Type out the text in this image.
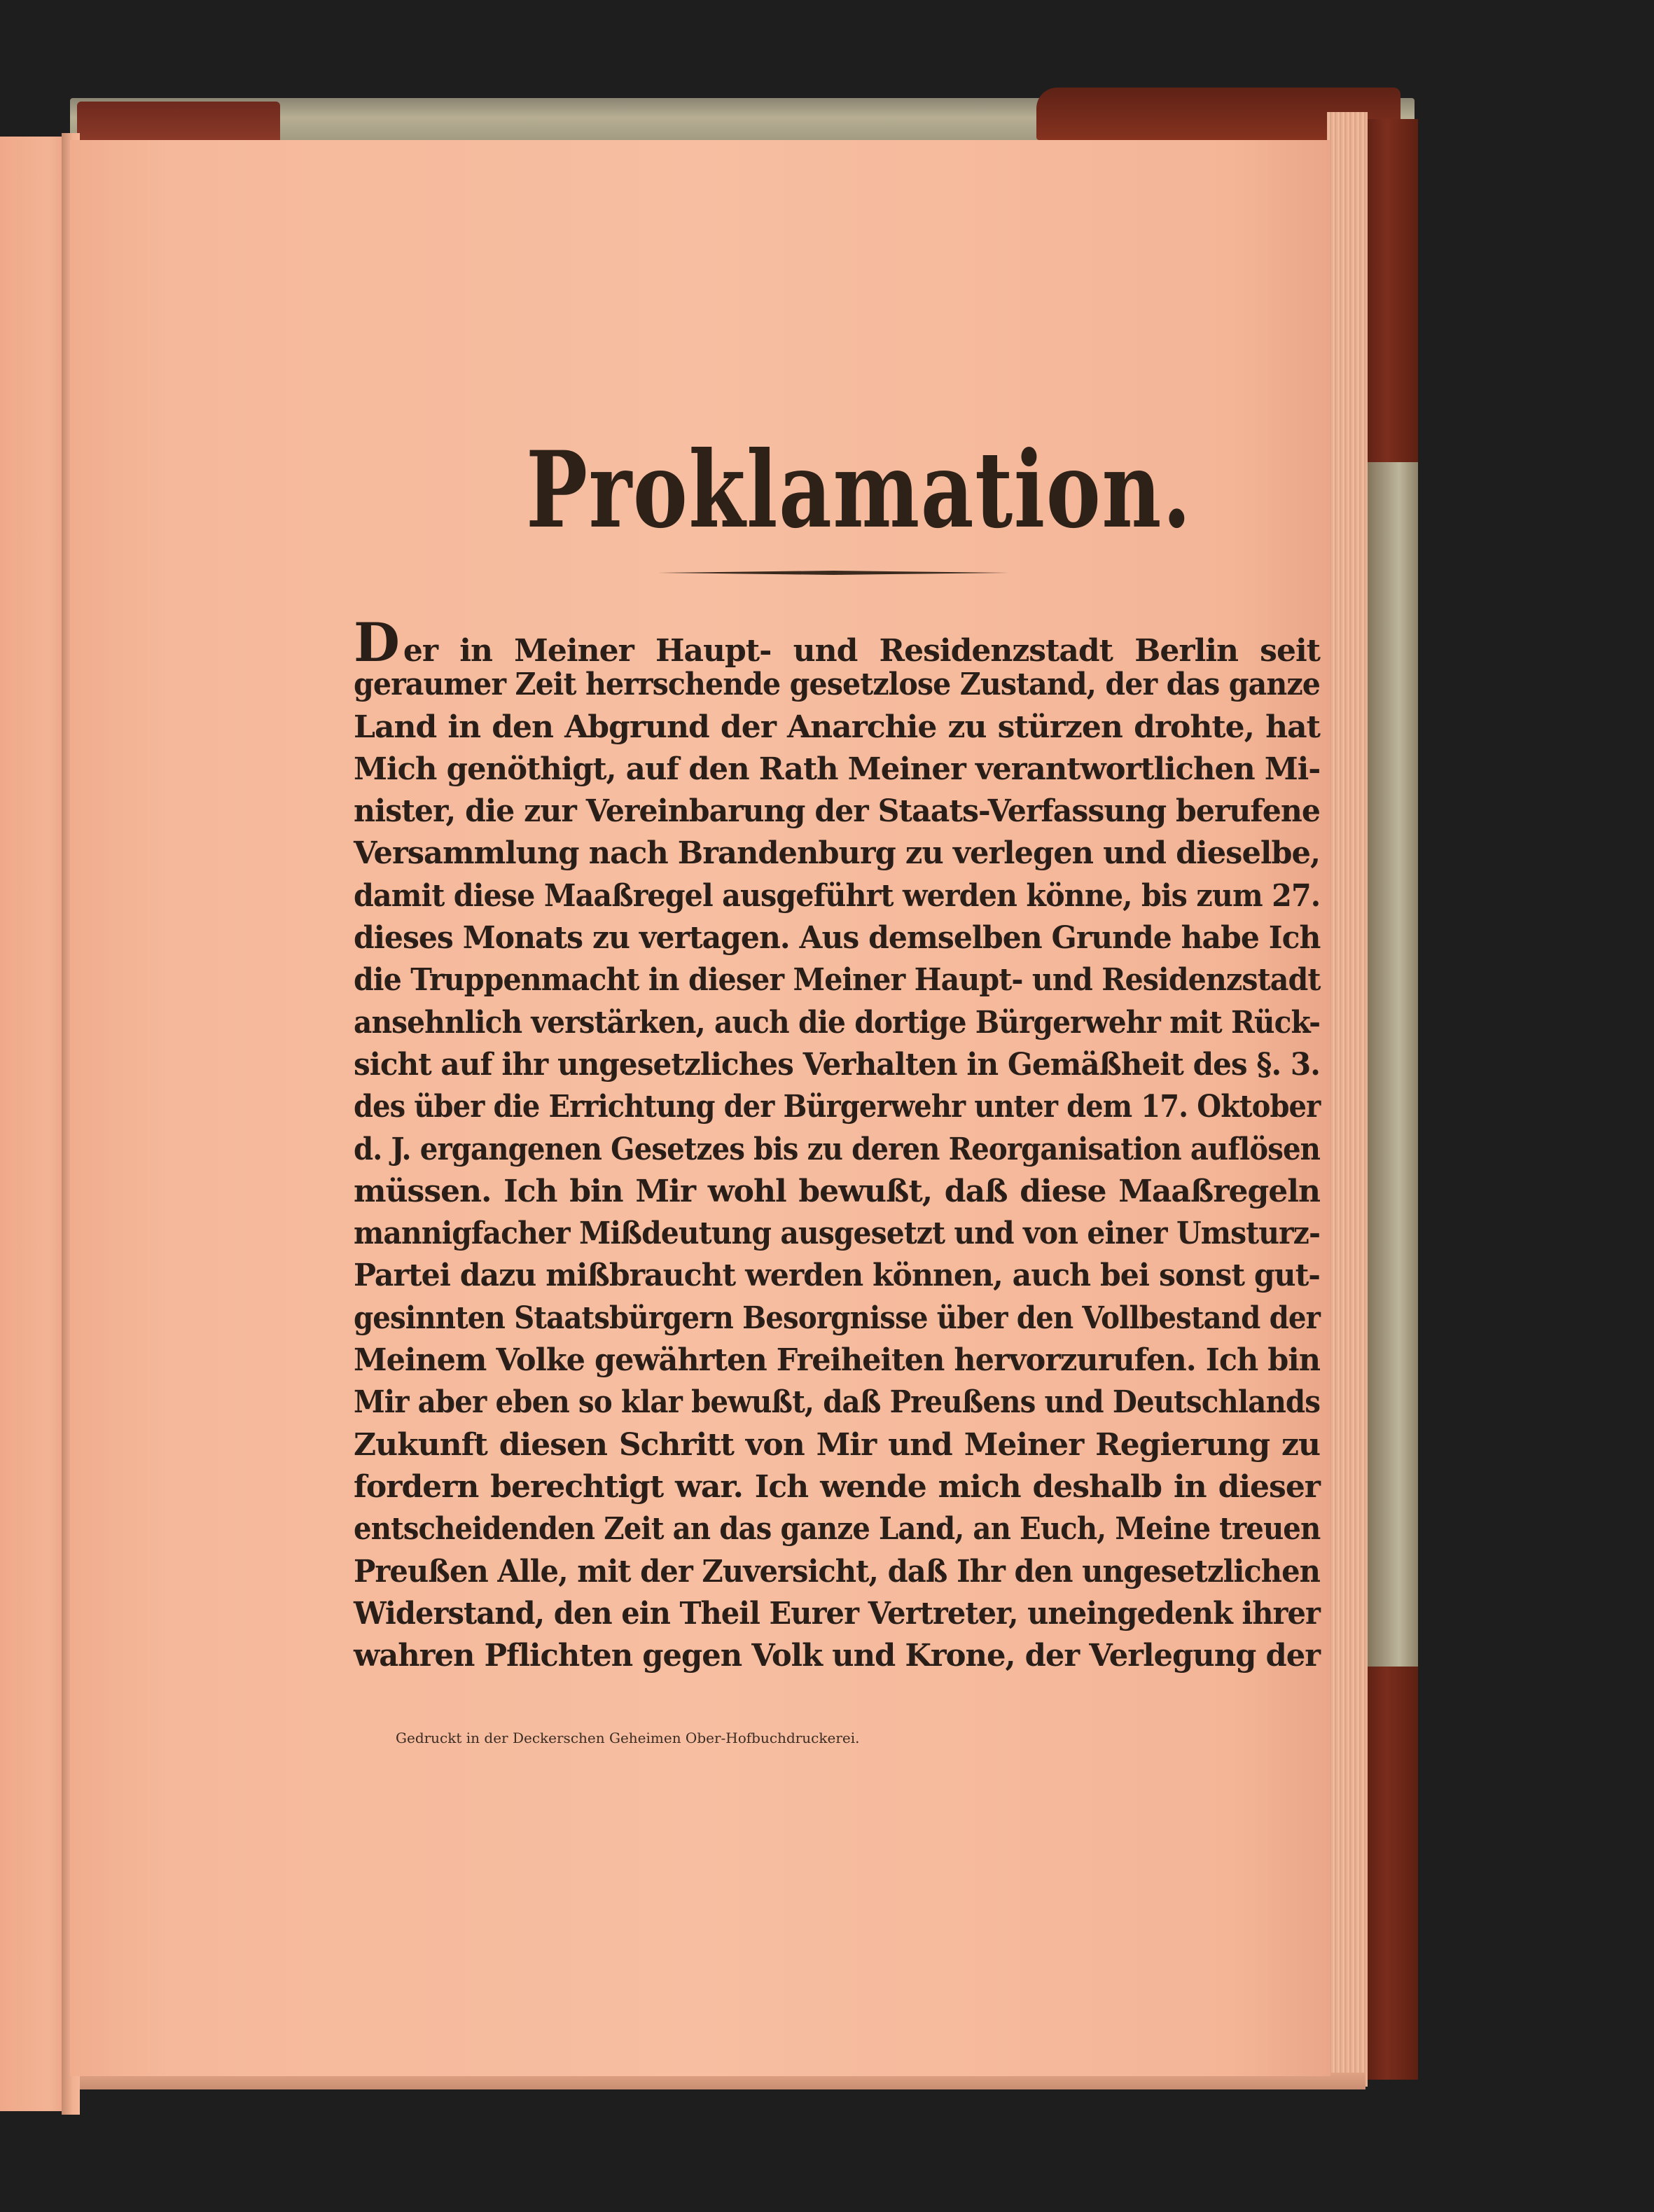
Proklamation.
Der in Meiner Haupt- und Residenzstadt Berlin seit
geraumer Zeit herrschende gesetzlose Zustand, der das ganze
Land in den Abgrund der Anarchie zu stürzen drohte, hat
Mich genöthigt, auf den Rath Meiner verantwortlichen Mi-
nister, die zur Vereinbarung der Staats-Verfassung berufene
Versammlung nach Brandenburg zu verlegen und dieselbe,
damit diese Maaßregel ausgeführt werden könne, bis zum 27.
dieses Monats zu vertagen. Aus demselben Grunde habe Ich
die Truppenmacht in dieser Meiner Haupt- und Residenzstadt
ansehnlich verstärken, auch die dortige Bürgerwehr mit Rück-
sicht auf ihr ungesetzliches Verhalten in Gemäßheit des §. 3.
des über die Errichtung der Bürgerwehr unter dem 17. Oktober
d. J. ergangenen Gesetzes bis zu deren Reorganisation auflösen
müssen. Ich bin Mir wohl bewußt, daß diese Maaßregeln
mannigfacher Mißdeutung ausgesetzt und von einer Umsturz-
Partei dazu mißbraucht werden können, auch bei sonst gut-
gesinnten Staatsbürgern Besorgnisse über den Vollbestand der
Meinem Volke gewährten Freiheiten hervorzurufen. Ich bin
Mir aber eben so klar bewußt, daß Preußens und Deutschlands
Zukunft diesen Schritt von Mir und Meiner Regierung zu
fordern berechtigt war. Ich wende mich deshalb in dieser
entscheidenden Zeit an das ganze Land, an Euch, Meine treuen
Preußen Alle, mit der Zuversicht, daß Ihr den ungesetzlichen
Widerstand, den ein Theil Eurer Vertreter, uneingedenk ihrer
wahren Pflichten gegen Volk und Krone, der Verlegung der
Gedruckt in der Deckerschen Geheimen Ober-Hofbuchdruckerei.
